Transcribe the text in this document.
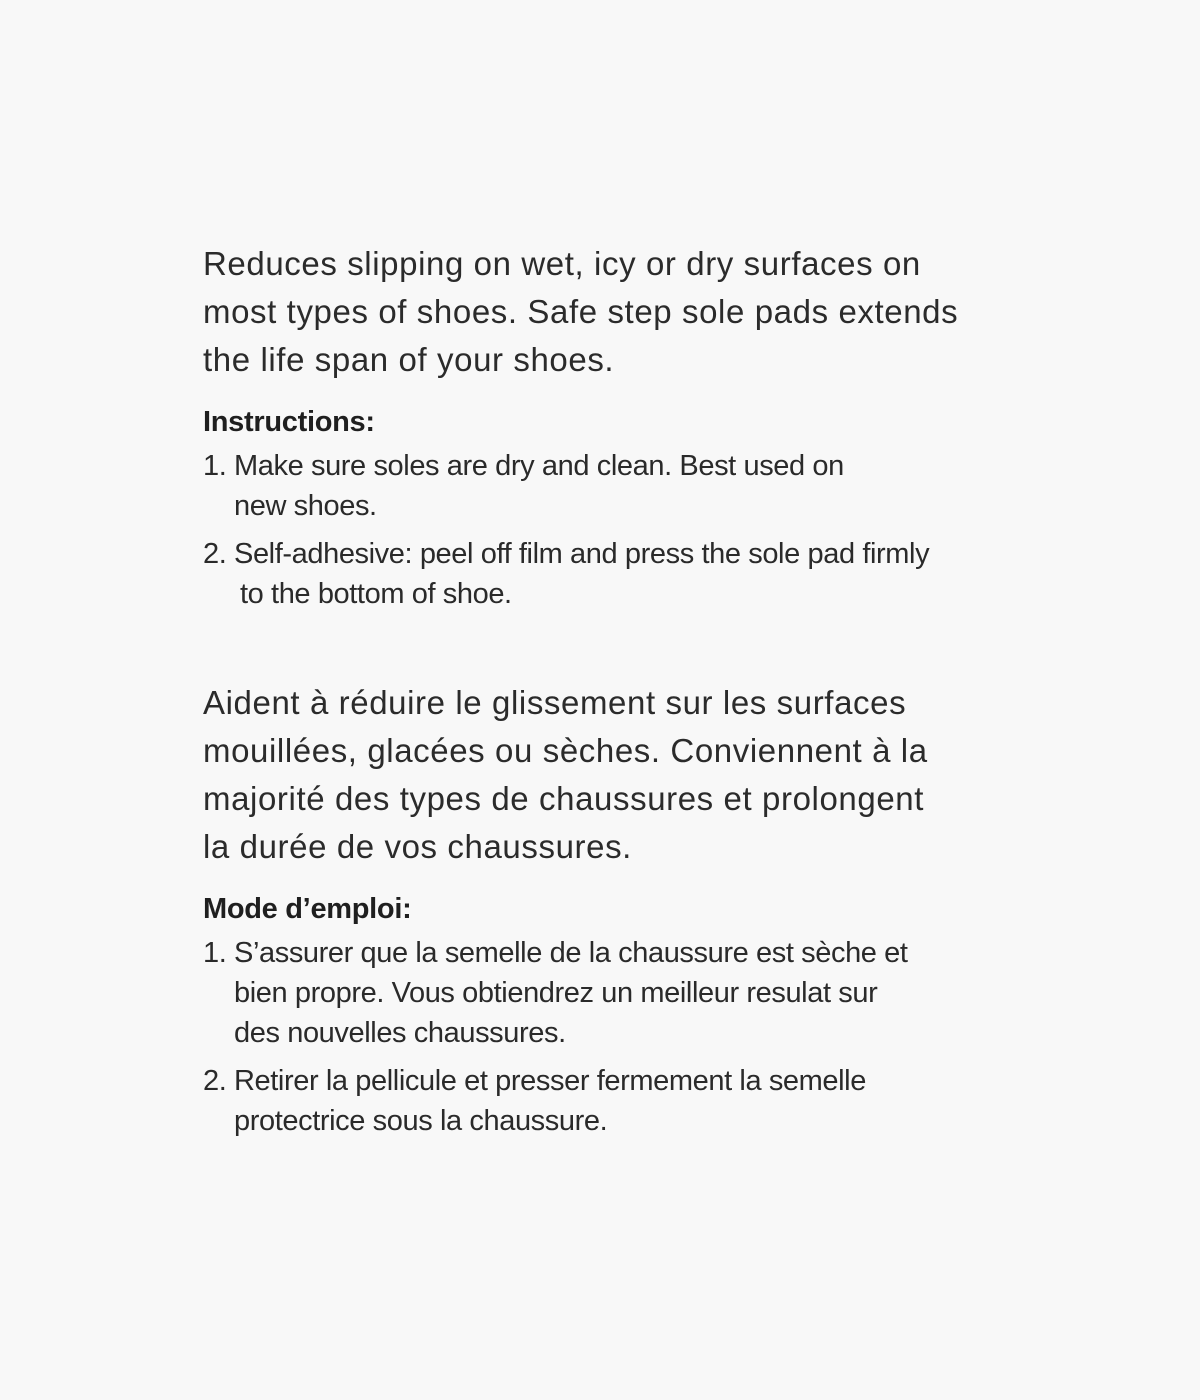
Reduces slipping on wet, icy or dry surfaces on
most types of shoes. Safe step sole pads extends
the life span of your shoes.

Instructions:
1. Make sure soles are dry and clean. Best used on
new shoes.
2. Self-adhesive: peel off film and press the sole pad firmly
to the bottom of shoe.

Aident à réduire le glissement sur les surfaces
mouillées, glacées ou sèches. Conviennent à la
majorité des types de chaussures et prolongent
la durée de vos chaussures.

Mode d’emploi:
1. S’assurer que la semelle de la chaussure est sèche et
bien propre. Vous obtiendrez un meilleur resulat sur
des nouvelles chaussures.
2. Retirer la pellicule et presser fermement la semelle
protectrice sous la chaussure.
